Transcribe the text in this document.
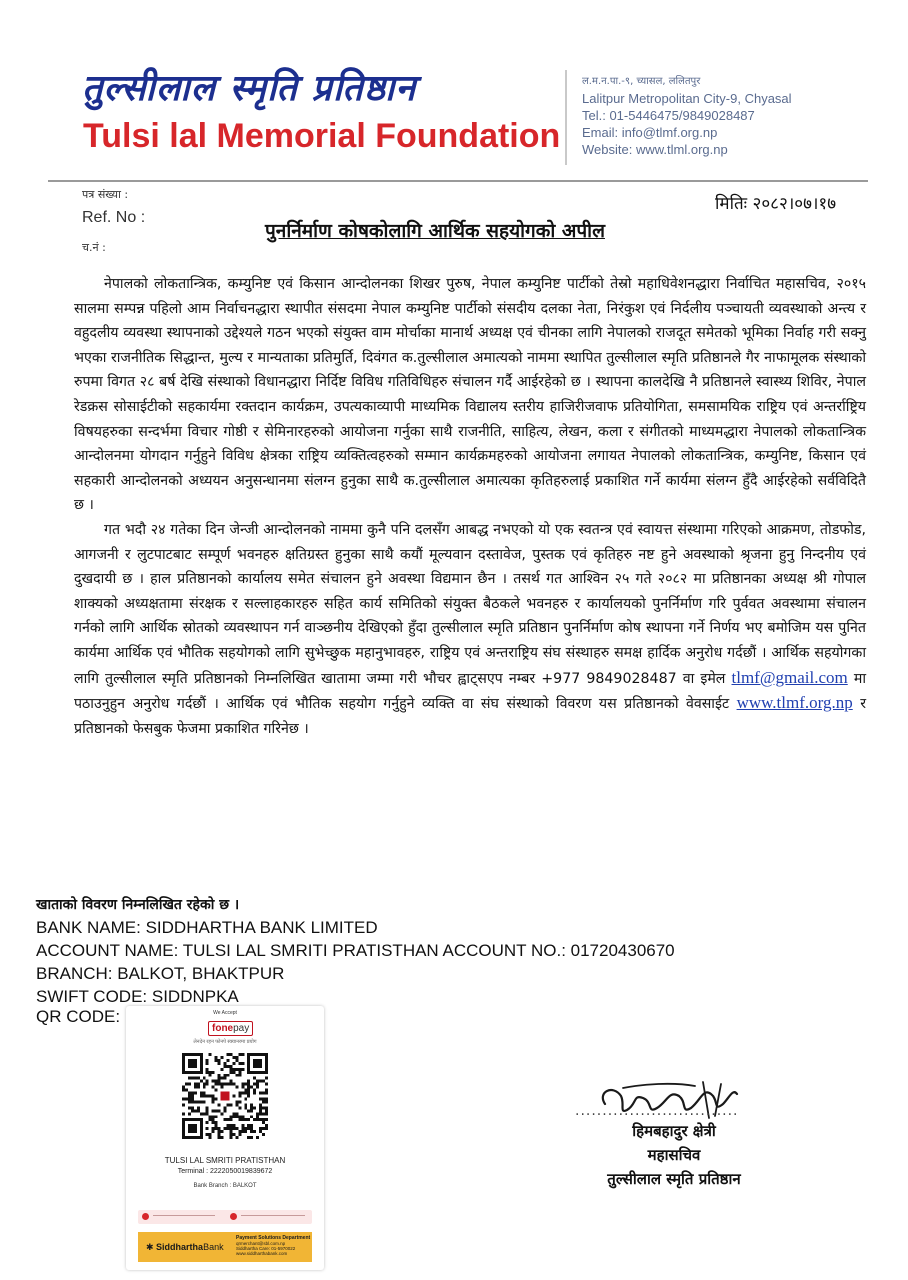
तुल्सीलाल स्मृति प्रतिष्ठान
Tulsi lal Memorial Foundation
ल.म.न.पा.-९, च्यासल, ललितपुर
Lalitpur Metropolitan City-9, Chyasal
Tel.: 01-5446475/9849028487
Email: info@tlmf.org.np
Website: www.tlml.org.np
पत्र संख्या :
Ref. No :
च.नं :
मितिः २०८२।०७।१७
पुनर्निर्माण कोषकोलागि आर्थिक सहयोगको अपील

नेपालको लोकतान्त्रिक, कम्युनिष्ट एवं किसान आन्दोलनका शिखर पुरुष, नेपाल कम्युनिष्ट पार्टीको तेस्रो महाधिवेशनद्धारा निर्वाचित महासचिव, २०१५ सालमा सम्पन्न पहिलो आम निर्वाचनद्धारा स्थापीत संसदमा नेपाल कम्युनिष्ट पार्टीको संसदीय दलका नेता, निरंकुश एवं निर्दलीय पञ्चायती व्यवस्थाको अन्त्य र वहुदलीय व्यवस्था स्थापनाको उद्देश्यले गठन भएको संयुक्त वाम मोर्चाका मानार्थ अध्यक्ष एवं चीनका लागि नेपालको राजदूत समेतको भूमिका निर्वाह गरी सक्नु भएका राजनीतिक सिद्धान्त, मुल्य र मान्यताका प्रतिमुर्ति, दिवंगत क.तुल्सीलाल अमात्यको नाममा स्थापित तुल्सीलाल स्मृति प्रतिष्ठानले गैर नाफामूलक संस्थाको रुपमा विगत २८ बर्ष देखि संस्थाको विधानद्धारा निर्दिष्ट विविध गतिविधिहरु संचालन गर्दै आईरहेको छ । स्थापना कालदेखि नै प्रतिष्ठानले स्वास्थ्य शिविर, नेपाल रेडक्रस सोसाईटीको सहकार्यमा रक्तदान कार्यक्रम, उपत्यकाव्यापी माध्यमिक विद्यालय स्तरीय हाजिरीजवाफ प्रतियोगिता, समसामयिक राष्ट्रिय एवं अन्तर्राष्ट्रिय विषयहरुका सन्दर्भमा विचार गोष्ठी र सेमिनारहरुको आयोजना गर्नुका साथै राजनीति, साहित्य, लेखन, कला र संगीतको माध्यमद्धारा नेपालको लोकतान्त्रिक आन्दोलनमा योगदान गर्नुहुने विविध क्षेत्रका राष्ट्रिय व्यक्तित्वहरुको सम्मान कार्यक्रमहरुको आयोजना लगायत नेपालको लोकतान्त्रिक, कम्युनिष्ट, किसान एवं सहकारी आन्दोलनको अध्ययन अनुसन्धानमा संलग्न हुनुका साथै क.तुल्सीलाल अमात्यका कृतिहरुलाई प्रकाशित गर्ने कार्यमा संलग्न हुँदै आईरहेको सर्वविदितै छ ।

गत भदौ २४ गतेका दिन जेन्जी आन्दोलनको नाममा कुनै पनि दलसँग आबद्ध नभएको यो एक स्वतन्त्र एवं स्वायत्त संस्थामा गरिएको आक्रमण, तोडफोड, आगजनी र लुटपाटबाट सम्पूर्ण भवनहरु क्षतिग्रस्त हुनुका साथै कयौं मूल्यवान दस्तावेज, पुस्तक एवं कृतिहरु नष्ट हुने अवस्थाको श्रृजना हुनु निन्दनीय एवं दुखदायी छ । हाल प्रतिष्ठानको कार्यालय समेत संचालन हुने अवस्था विद्यमान छैन । तसर्थ गत आश्विन २५ गते २०८२ मा प्रतिष्ठानका अध्यक्ष श्री गोपाल शाक्यको अध्यक्षतामा संरक्षक र सल्लाहकारहरु सहित कार्य समितिको संयुक्त बैठकले भवनहरु र कार्यालयको पुनर्निर्माण गरि पुर्ववत अवस्थामा संचालन गर्नको लागि आर्थिक स्रोतको व्यवस्थापन गर्न वाञ्छनीय देखिएको हुँदा तुल्सीलाल स्मृति प्रतिष्ठान पुनर्निर्माण कोष स्थापना गर्ने निर्णय भए बमोजिम यस पुनित कार्यमा आर्थिक एवं भौतिक सहयोगको लागि सुभेच्छुक महानुभावहरु, राष्ट्रिय एवं अन्तराष्ट्रिय संघ संस्थाहरु समक्ष हार्दिक अनुरोध गर्दछौं । आर्थिक सहयोगका लागि तुल्सीलाल स्मृति प्रतिष्ठानको निम्नलिखित खातामा जम्मा गरी भौचर ह्वाट्सएप नम्बर +977 9849028487 वा इमेल tlmf@gmail.com मा पठाउनुहुन अनुरोध गर्दछौं । आर्थिक एवं भौतिक सहयोग गर्नुहुने व्यक्ति वा संघ संस्थाको विवरण यस प्रतिष्ठानको वेवसाईट www.tlmf.org.np र प्रतिष्ठानको फेसबुक फेजमा प्रकाशित गरिनेछ ।

खाताको विवरण निम्नलिखित रहेको छ ।
BANK NAME: SIDDHARTHA BANK LIMITED
ACCOUNT NAME: TULSI LAL SMRITI PRATISTHAN ACCOUNT NO.: 01720430670
BRANCH: BALKOT, BHAKTPUR
SWIFT CODE: SIDDNPKA
QR CODE:	We Accept
fonepay
लेनदेन रहन फोनपे स्क्यानरमा प्रयोग
TULSI LAL SMRITI PRATISTHAN
Terminal : 2222050019839672
Bank Branch : BALKOT
✱ SiddharthaBank
Payment Solutions Department
qrmerchant@sbl.com.np
Siddhartha Care: 01-5970022
www.siddharthabank.com
..............................
हिमबहादुर क्षेत्री
महासचिव
तुल्सीलाल स्मृति प्रतिष्ठान
